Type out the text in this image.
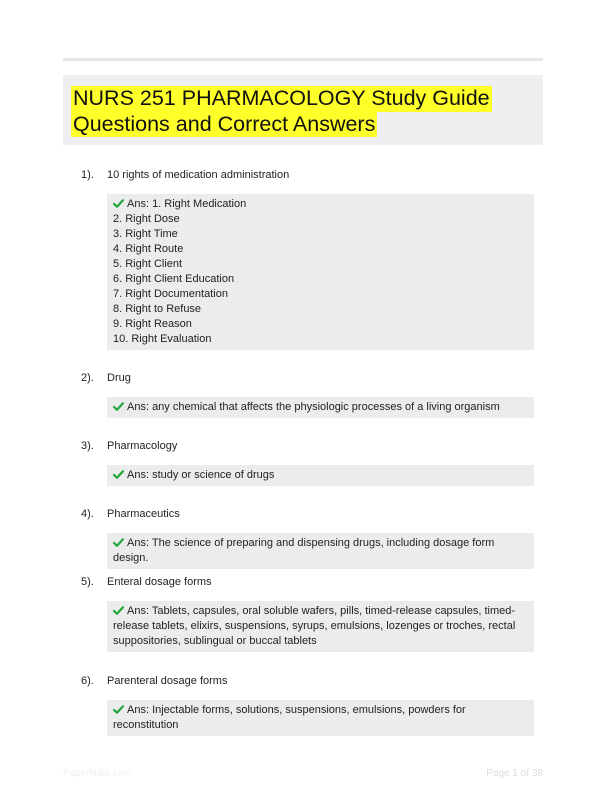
NURS 251 PHARMACOLOGY Study Guide
Questions and Correct Answers
1). 10 rights of medication administration
Ans: 1. Right Medication
2. Right Dose
3. Right Time
4. Right Route
5. Right Client
6. Right Client Education
7. Right Documentation
8. Right to Refuse
9. Right Reason
10. Right Evaluation
2). Drug
Ans: any chemical that affects the physiologic processes of a living organism
3). Pharmacology
Ans: study or science of drugs
4). Pharmaceutics
Ans: The science of preparing and dispensing drugs, including dosage form design.
5). Enteral dosage forms
Ans: Tablets, capsules, oral soluble wafers, pills, timed-release capsules, timed-
release tablets, elixirs, suspensions, syrups, emulsions, lozenges or troches, rectal
suppositories, sublingual or buccal tablets
6). Parenteral dosage forms
Ans: Injectable forms, solutions, suspensions, emulsions, powders for reconstitution
PaperNibb.com	Page 1 of 38
